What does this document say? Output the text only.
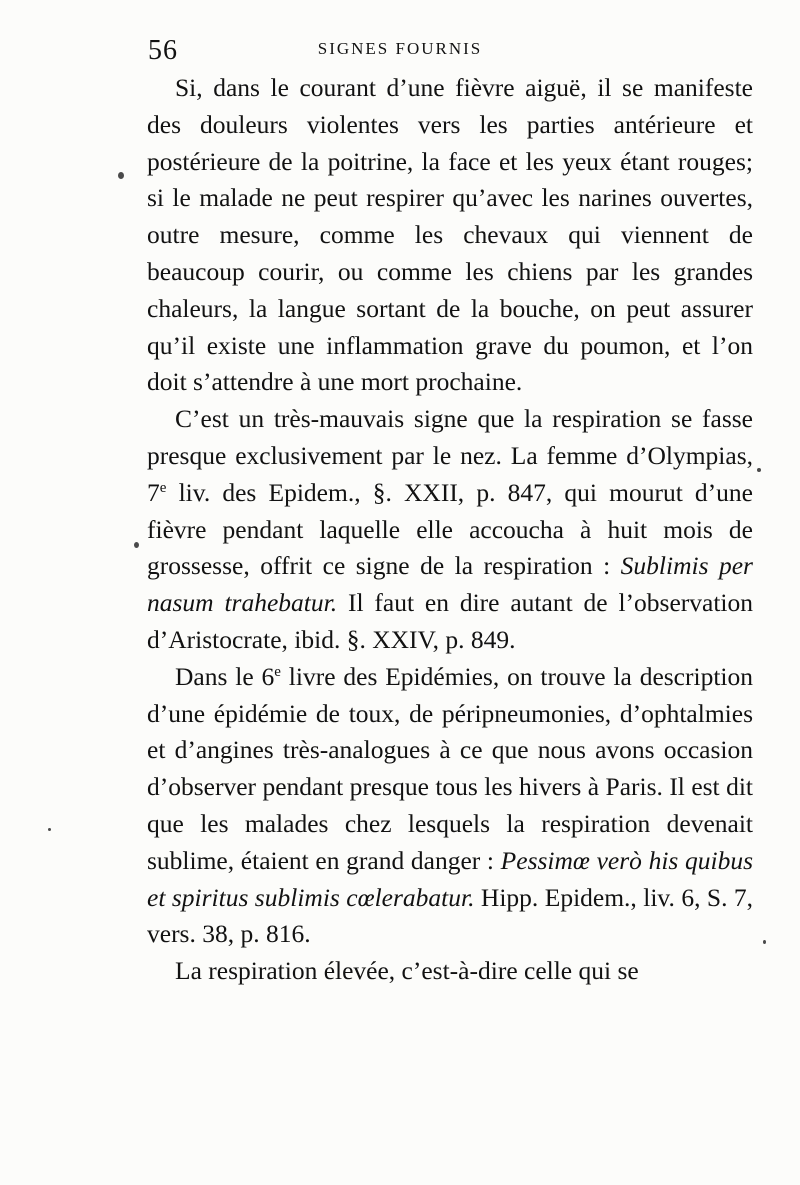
56	SIGNES FOURNIS

Si, dans le courant d’une fièvre aiguë, il se manifeste des douleurs violentes vers les parties antérieure et postérieure de la poitrine, la face et les yeux étant rouges; si le malade ne peut respirer qu’avec les narines ouvertes, outre mesure, comme les chevaux qui viennent de beaucoup courir, ou comme les chiens par les grandes chaleurs, la langue sortant de la bouche, on peut assurer qu’il existe une inflammation grave du poumon, et l’on doit s’attendre à une mort prochaine.

C’est un très-mauvais signe que la respiration se fasse presque exclusivement par le nez. La femme d’Olympias, 7e liv. des Epidem., §. XXII, p. 847, qui mourut d’une fièvre pendant laquelle elle accoucha à huit mois de grossesse, offrit ce signe de la respiration : Sublimis per nasum trahebatur. Il faut en dire autant de l’observation d’Aristocrate, ibid. §. XXIV, p. 849.

Dans le 6e livre des Epidémies, on trouve la description d’une épidémie de toux, de péripneumonies, d’ophtalmies et d’angines très-analogues à ce que nous avons occasion d’observer pendant presque tous les hivers à Paris. Il est dit que les malades chez lesquels la respiration devenait sublime, étaient en grand danger : Pessimœ verò his quibus et spiritus sublimis cœlerabatur. Hipp. Epidem., liv. 6, S. 7, vers. 38, p. 816.

La respiration élevée, c’est-à-dire celle qui se
